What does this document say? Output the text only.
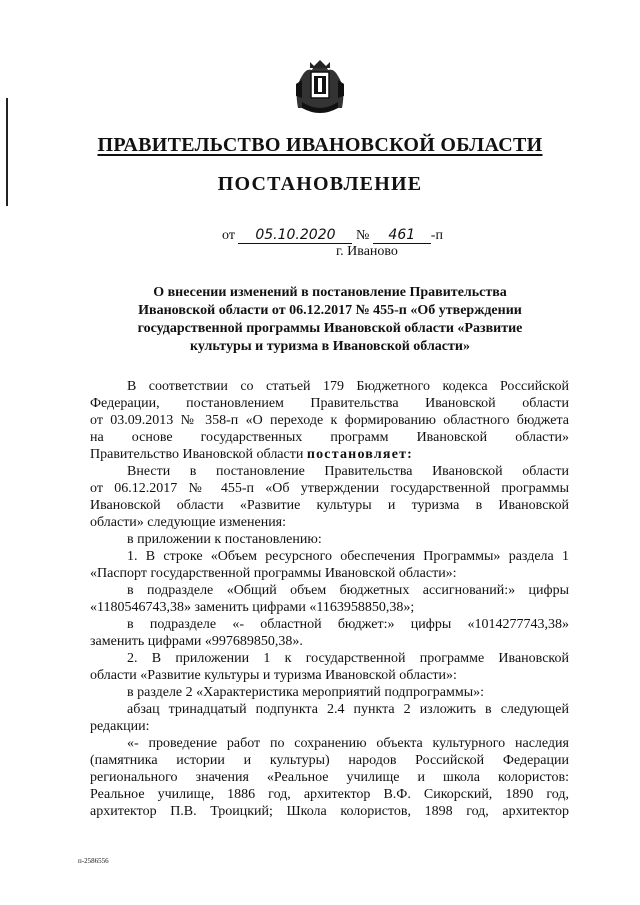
ПРАВИТЕЛЬСТВО ИВАНОВСКОЙ ОБЛАСТИ
ПОСТАНОВЛЕНИЕ
от 05.10.2020 № 461 -п
г. Иваново
О внесении изменений в постановление Правительства
Ивановской области от 06.12.2017 № 455-п «Об утверждении
государственной программы Ивановской области «Развитие
культуры и туризма в Ивановской области»

В соответствии со статьей 179 Бюджетного кодекса Российской

Федерации, постановлением Правительства Ивановской области

от 03.09.2013 № 358-п «О переходе к формированию областного бюджета

на основе государственных программ Ивановской области»

Правительство Ивановской области постановляет:

Внести в постановление Правительства Ивановской области

от 06.12.2017 № 455-п «Об утверждении государственной программы

Ивановской области «Развитие культуры и туризма в Ивановской

области» следующие изменения:

в приложении к постановлению:

1. В строке «Объем ресурсного обеспечения Программы» раздела 1

«Паспорт государственной программы Ивановской области»:

в подразделе «Общий объем бюджетных ассигнований:» цифры

«1180546743,38» заменить цифрами «1163958850,38»;

в подразделе «- областной бюджет:» цифры «1014277743,38»

заменить цифрами «997689850,38».

2. В приложении 1 к государственной программе Ивановской

области «Развитие культуры и туризма Ивановской области»:

в разделе 2 «Характеристика мероприятий подпрограммы»:

абзац тринадцатый подпункта 2.4 пункта 2 изложить в следующей

редакции:

«- проведение работ по сохранению объекта культурного наследия

(памятника истории и культуры) народов Российской Федерации

регионального значения «Реальное училище и школа колористов:

Реальное училище, 1886 год, архитектор В.Ф. Сикорский, 1890 год,

архитектор П.В. Троицкий; Школа колористов, 1898 год, архитектор

п-2586556
